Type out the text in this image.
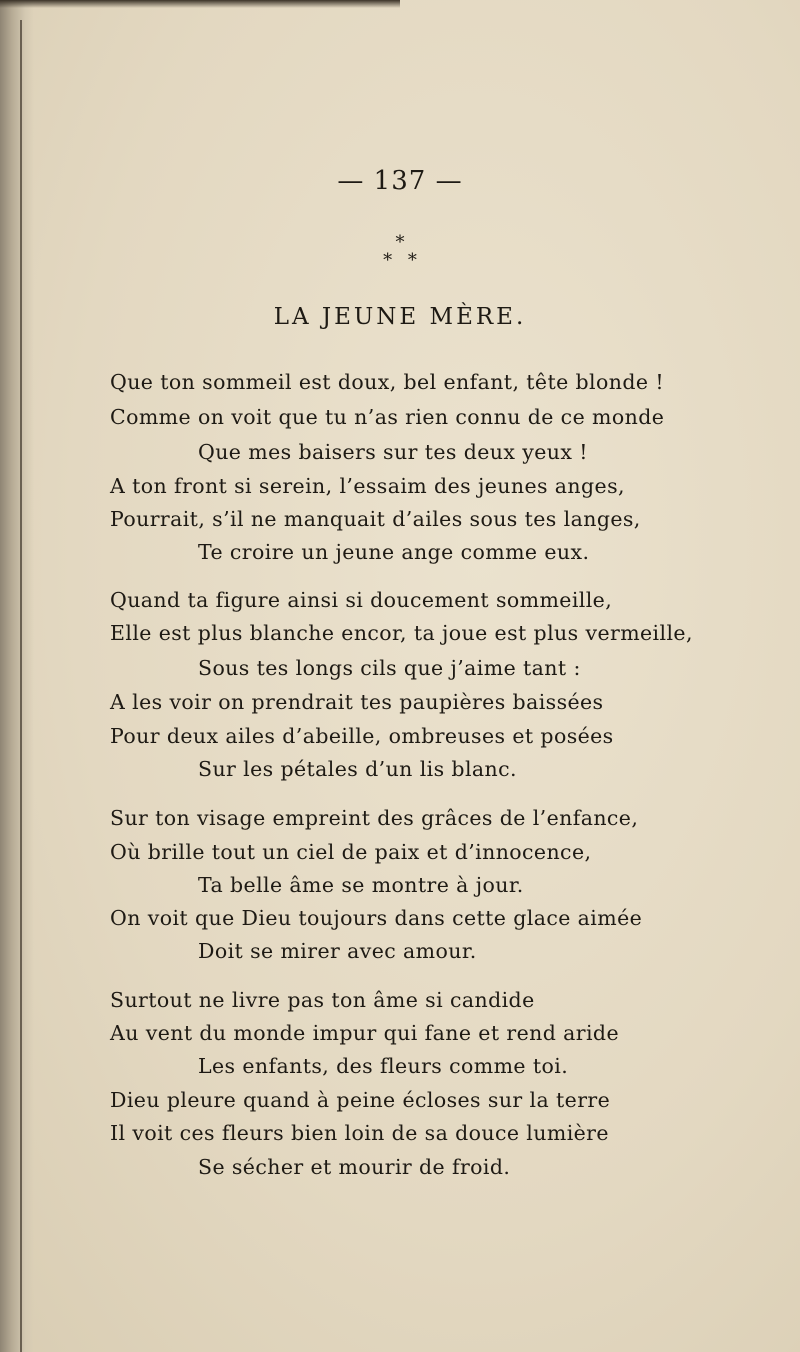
— 137 —
*
* *
LA JEUNE MÈRE.
Que ton sommeil est doux, bel enfant, tête blonde !
Comme on voit que tu n’as rien connu de ce monde
Que mes baisers sur tes deux yeux !
A ton front si serein, l’essaim des jeunes anges,
Pourrait, s’il ne manquait d’ailes sous tes langes,
Te croire un jeune ange comme eux.
Quand ta figure ainsi si doucement sommeille,
Elle est plus blanche encor, ta joue est plus vermeille,
Sous tes longs cils que j’aime tant :
A les voir on prendrait tes paupières baissées
Pour deux ailes d’abeille, ombreuses et posées
Sur les pétales d’un lis blanc.
Sur ton visage empreint des grâces de l’enfance,
Où brille tout un ciel de paix et d’innocence,
Ta belle âme se montre à jour.
On voit que Dieu toujours dans cette glace aimée
Doit se mirer avec amour.
Surtout ne livre pas ton âme si candide
Au vent du monde impur qui fane et rend aride
Les enfants, des fleurs comme toi.
Dieu pleure quand à peine écloses sur la terre
Il voit ces fleurs bien loin de sa douce lumière
Se sécher et mourir de froid.
